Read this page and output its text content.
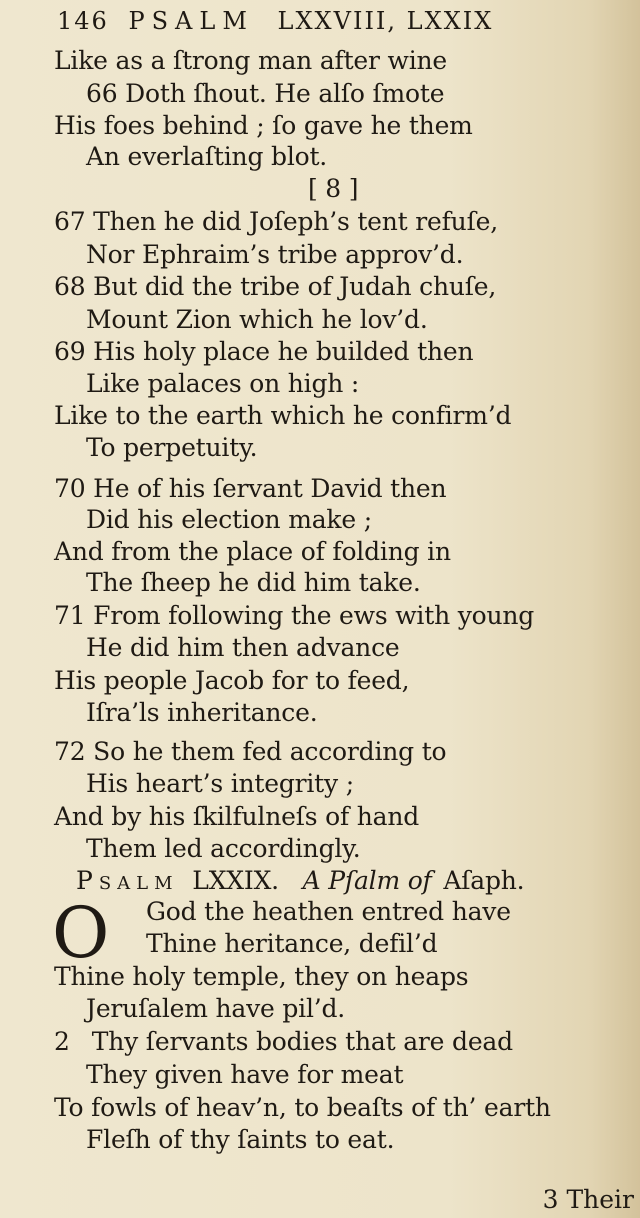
146 PSALM LXXVIII, LXXIX
Like as a ſtrong man after wine
66 Doth ſhout. He alſo ſmote
His foes behind ; ſo gave he them
An everlaſting blot.
[ 8 ]
67 Then he did Joſeph’s tent refuſe,
Nor Ephraim’s tribe approv’d.
68 But did the tribe of Judah chuſe,
Mount Zion which he lov’d.
69 His holy place he builded then
Like palaces on high :
Like to the earth which he confirm’d
To perpetuity.
70 He of his ſervant David then
Did his election make ;
And from the place of folding in
The ſheep he did him take.
71 From following the ews with young
He did him then advance
His people Jacob for to feed,
Iſra’ls inheritance.
72 So he them fed according to
His heart’s integrity ;
And by his ſkilfulneſs of hand
Them led accordingly.
Psalm LXXIX. A Pſalm of Aſaph.
O God the heathen entred have
Thine heritance, defil’d
Thine holy temple, they on heaps
Jeruſalem have pil’d.
2 Thy ſervants bodies that are dead
They given have for meat
To fowls of heav’n, to beaſts of th’ earth
Fleſh of thy ſaints to eat.
3 Their
